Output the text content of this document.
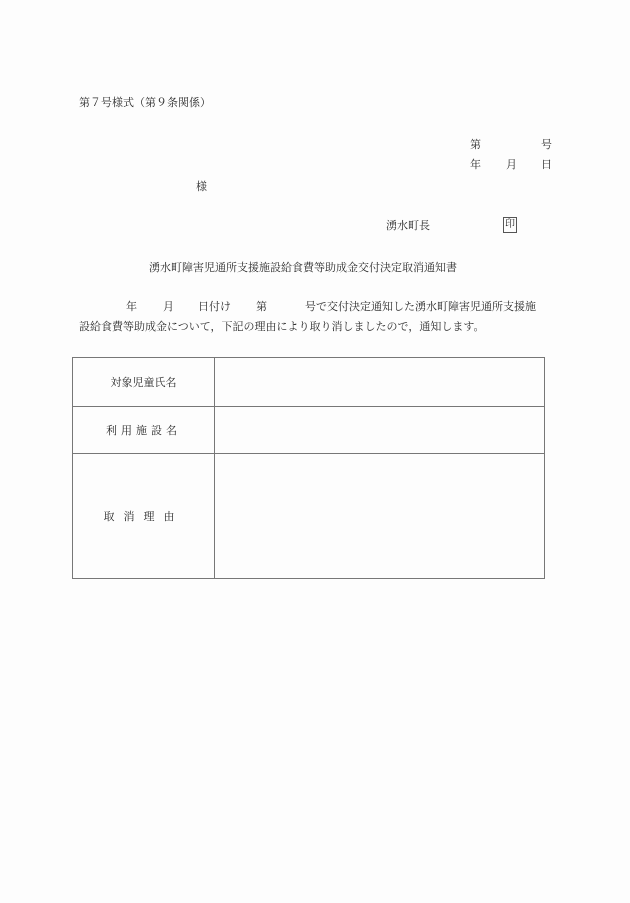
第７号様式（第９条関係）
第	号
年 月 日
様
湧水町長	印
湧水町障害児通所支援施設給食費等助成金交付決定取消通知書
年 月 日付け 第	号で交付決定通知した湧水町障害児通所支援施
設給食費等助成金について，下記の理由により取り消しましたので，通知します。
対象児童氏名	
利用施設名	
取消理由	
